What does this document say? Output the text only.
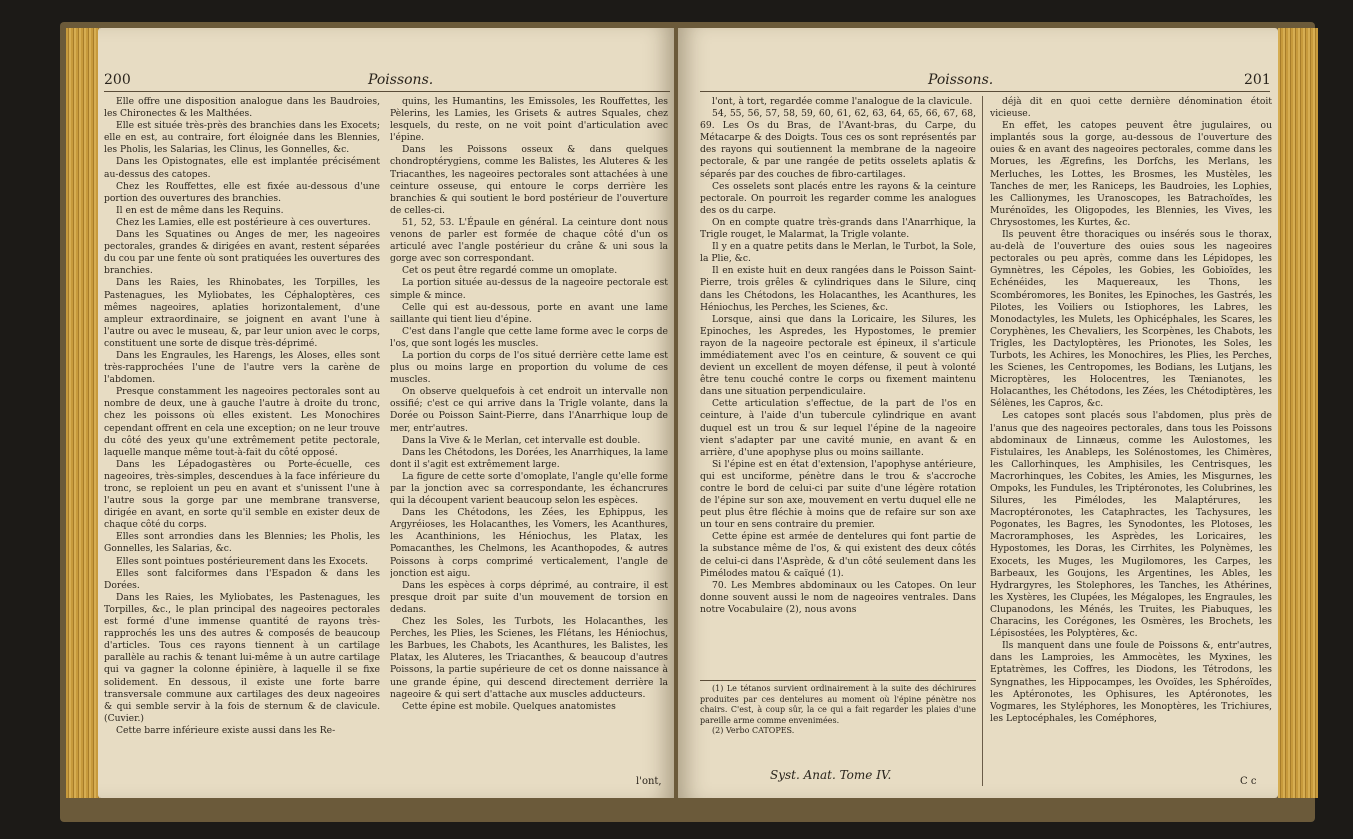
200	Poissons.

Elle offre une disposition analogue dans les Baudroies, les Chironectes & les Malthées.

Elle est située très-près des branchies dans les Exocets; elle en est, au contraire, fort éloignée dans les Blennies, les Pholis, les Salarias, les Clinus, les Gonnelles, &c.

Dans les Opistognates, elle est implantée précisément au-dessus des catopes.

Chez les Rouffettes, elle est fixée au-dessous d'une portion des ouvertures des branchies.

Il en est de même dans les Requins.

Chez les Lamies, elle est postérieure à ces ouvertures.

Dans les Squatines ou Anges de mer, les nageoires pectorales, grandes & dirigées en avant, restent séparées du cou par une fente où sont pratiquées les ouvertures des branchies.

Dans les Raies, les Rhinobates, les Torpilles, les Pastenagues, les Myliobates, les Céphaloptères, ces mêmes nageoires, aplaties horizontalement, d'une ampleur extraordinaire, se joignent en avant l'une à l'autre ou avec le museau, &, par leur union avec le corps, constituent une sorte de disque très-déprimé.

Dans les Engraules, les Harengs, les Aloses, elles sont très-rapprochées l'une de l'autre vers la carène de l'abdomen.

Presque constamment les nageoires pectorales sont au nombre de deux, une à gauche l'autre à droite du tronc, chez les poissons où elles existent. Les Monochires cependant offrent en cela une exception; on ne leur trouve du côté des yeux qu'une extrêmement petite pectorale, laquelle manque même tout-à-fait du côté opposé.

Dans les Lépadogastères ou Porte-écuelle, ces nageoires, très-simples, descendues à la face inférieure du tronc, se reploient un peu en avant et s'unissent l'une à l'autre sous la gorge par une membrane transverse, dirigée en avant, en sorte qu'il semble en exister deux de chaque côté du corps.

Elles sont arrondies dans les Blennies; les Pholis, les Gonnelles, les Salarias, &c.

Elles sont pointues postérieurement dans les Exocets.

Elles sont falciformes dans l'Espadon & dans les Dorées.

Dans les Raies, les Myliobates, les Pastenagues, les Torpilles, &c., le plan principal des nageoires pectorales est formé d'une immense quantité de rayons très-rapprochés les uns des autres & composés de beaucoup d'articles. Tous ces rayons tiennent à un cartilage parallèle au rachis & tenant lui-même à un autre cartilage qui va gagner la colonne épinière, à laquelle il se fixe solidement. En dessous, il existe une forte barre transversale commune aux cartilages des deux nageoires & qui semble servir à la fois de sternum & de clavicule. (Cuvier.)

Cette barre inférieure existe aussi dans les Re-

quins, les Humantins, les Emissoles, les Rouffettes, les Pèlerins, les Lamies, les Grisets & autres Squales, chez lesquels, du reste, on ne voit point d'articulation avec l'épine.

Dans les Poissons osseux & dans quelques chondroptérygiens, comme les Balistes, les Aluteres & les Triacanthes, les nageoires pectorales sont attachées à une ceinture osseuse, qui entoure le corps derrière les branchies & qui soutient le bord postérieur de l'ouverture de celles-ci.

51, 52, 53. L'Épaule en général. La ceinture dont nous venons de parler est formée de chaque côté d'un os articulé avec l'angle postérieur du crâne & uni sous la gorge avec son correspondant.

Cet os peut être regardé comme un omoplate.

La portion située au-dessus de la nageoire pectorale est simple & mince.

Celle qui est au-dessous, porte en avant une lame saillante qui tient lieu d'épine.

C'est dans l'angle que cette lame forme avec le corps de l'os, que sont logés les muscles.

La portion du corps de l'os situé derrière cette lame est plus ou moins large en proportion du volume de ces muscles.

On observe quelquefois à cet endroit un intervalle non ossifié; c'est ce qui arrive dans la Trigle volante, dans la Dorée ou Poisson Saint-Pierre, dans l'Anarrhique loup de mer, entr'autres.

Dans la Vive & le Merlan, cet intervalle est double.

Dans les Chétodons, les Dorées, les Anarrhiques, la lame dont il s'agit est extrêmement large.

La figure de cette sorte d'omoplate, l'angle qu'elle forme par la jonction avec sa correspondante, les échancrures qui la découpent varient beaucoup selon les espèces.

Dans les Chétodons, les Zées, les Ephippus, les Argyréioses, les Holacanthes, les Vomers, les Acanthures, les Acanthinions, les Héniochus, les Platax, les Pomacanthes, les Chelmons, les Acanthopodes, & autres Poissons à corps comprimé verticalement, l'angle de jonction est aigu.

Dans les espèces à corps déprimé, au contraire, il est presque droit par suite d'un mouvement de torsion en dedans.

Chez les Soles, les Turbots, les Holacanthes, les Perches, les Plies, les Scienes, les Flétans, les Héniochus, les Barbues, les Chabots, les Acanthures, les Balistes, les Platax, les Aluteres, les Triacanthes, & beaucoup d'autres Poissons, la partie supérieure de cet os donne naissance à une grande épine, qui descend directement derrière la nageoire & qui sert d'attache aux muscles adducteurs.

Cette épine est mobile. Quelques anatomistes

l'ont,
Poissons.	201

l'ont, à tort, regardée comme l'analogue de la clavicule.

54, 55, 56, 57, 58, 59, 60, 61, 62, 63, 64, 65, 66, 67, 68, 69. Les Os du Bras, de l'Avant-bras, du Carpe, du Métacarpe & des Doigts. Tous ces os sont représentés par des rayons qui soutiennent la membrane de la nageoire pectorale, & par une rangée de petits osselets aplatis & séparés par des couches de fibro-cartilages.

Ces osselets sont placés entre les rayons & la ceinture pectorale. On pourroit les regarder comme les analogues des os du carpe.

On en compte quatre très-grands dans l'Anarrhique, la Trigle rouget, le Malarmat, la Trigle volante.

Il y en a quatre petits dans le Merlan, le Turbot, la Sole, la Plie, &c.

Il en existe huit en deux rangées dans le Poisson Saint-Pierre, trois grêles & cylindriques dans le Silure, cinq dans les Chétodons, les Holacanthes, les Acanthures, les Héniochus, les Perches, les Scienes, &c.

Lorsque, ainsi que dans la Loricaire, les Silures, les Epinoches, les Aspredes, les Hypostomes, le premier rayon de la nageoire pectorale est épineux, il s'articule immédiatement avec l'os en ceinture, & souvent ce qui devient un excellent de moyen défense, il peut à volonté être tenu couché contre le corps ou fixement maintenu dans une situation perpendiculaire.

Cette articulation s'effectue, de la part de l'os en ceinture, à l'aide d'un tubercule cylindrique en avant duquel est un trou & sur lequel l'épine de la nageoire vient s'adapter par une cavité munie, en avant & en arrière, d'une apophyse plus ou moins saillante.

Si l'épine est en état d'extension, l'apophyse antérieure, qui est unciforme, pénètre dans le trou & s'accroche contre le bord de celui-ci par suite d'une légère rotation de l'épine sur son axe, mouvement en vertu duquel elle ne peut plus être fléchie à moins que de refaire sur son axe un tour en sens contraire du premier.

Cette épine est armée de dentelures qui font partie de la substance même de l'os, & qui existent des deux côtés de celui-ci dans l'Asprède, & d'un côté seulement dans les Pimélodes matou & caïqué (1).

70. Les Membres abdominaux ou les Catopes. On leur donne souvent aussi le nom de nageoires ventrales. Dans notre Vocabulaire (2), nous avons

(1) Le tétanos survient ordinairement à la suite des déchirures produites par ces dentelures au moment où l'épine pénètre nos chairs. C'est, à coup sûr, la ce qui a fait regarder les plaies d'une pareille arme comme envenimées.

(2) Verbo CATOPES.

Syst. Anat. Tome IV.

déjà dit en quoi cette dernière dénomination étoit vicieuse.

En effet, les catopes peuvent être jugulaires, ou implantés sous la gorge, au-dessous de l'ouverture des ouies & en avant des nageoires pectorales, comme dans les Morues, les Ægrefins, les Dorfchs, les Merlans, les Merluches, les Lottes, les Brosmes, les Mustèles, les Tanches de mer, les Raniceps, les Baudroies, les Lophies, les Callionymes, les Uranoscopes, les Batrachoïdes, les Murénoïdes, les Oligopodes, les Blennies, les Vives, les Chrysostomes, les Kurtes, &c.

Ils peuvent être thoraciques ou insérés sous le thorax, au-delà de l'ouverture des ouies sous les nageoires pectorales ou peu après, comme dans les Lépidopes, les Gymnètres, les Cépoles, les Gobies, les Gobioïdes, les Echénéides, les Maquereaux, les Thons, les Scombéromores, les Bonites, les Epinoches, les Gastrés, les Pilotes, les Voiliers ou Istiophores, les Labres, les Monodactyles, les Mulets, les Ophicéphales, les Scares, les Coryphènes, les Chevaliers, les Scorpènes, les Chabots, les Trigles, les Dactyloptères, les Prionotes, les Soles, les Turbots, les Achires, les Monochires, les Plies, les Perches, les Scienes, les Centropomes, les Bodians, les Lutjans, les Microptères, les Holocentres, les Tænianotes, les Holacanthes, les Chétodons, les Zées, les Chétodiptères, les Sélènes, les Capros, &c.

Les catopes sont placés sous l'abdomen, plus près de l'anus que des nageoires pectorales, dans tous les Poissons abdominaux de Linnæus, comme les Aulostomes, les Fistulaires, les Anableps, les Solénostomes, les Chimères, les Callorhinques, les Amphisiles, les Centrisques, les Macrorhinques, les Cobites, les Amies, les Misgurnes, les Ompoks, les Fundules, les Triptéronotes, les Colubrines, les Silures, les Pimélodes, les Malaptérures, les Macroptéronotes, les Cataphractes, les Tachysures, les Pogonates, les Bagres, les Synodontes, les Plotoses, les Macroramphoses, les Asprèdes, les Loricaires, les Hypostomes, les Doras, les Cirrhites, les Polynèmes, les Exocets, les Muges, les Mugilomores, les Carpes, les Barbeaux, les Goujons, les Argentines, les Ables, les Hydrargyres, les Stolephores, les Tanches, les Athérines, les Xystères, les Clupées, les Mégalopes, les Engraules, les Clupanodons, les Ménés, les Truites, les Piabuques, les Characins, les Corégones, les Osmères, les Brochets, les Lépisostées, les Polyptères, &c.

Ils manquent dans une foule de Poissons &, entr'autres, dans les Lamproies, les Ammocètes, les Myxines, les Eptatrèmes, les Coffres, les Diodons, les Tétrodons, les Syngnathes, les Hippocampes, les Ovoïdes, les Sphéroïdes, les Aptéronotes, les Ophisures, les Aptéronotes, les Vogmares, les Styléphores, les Monoptères, les Trichiures, les Leptocéphales, les Coméphores,

C c
